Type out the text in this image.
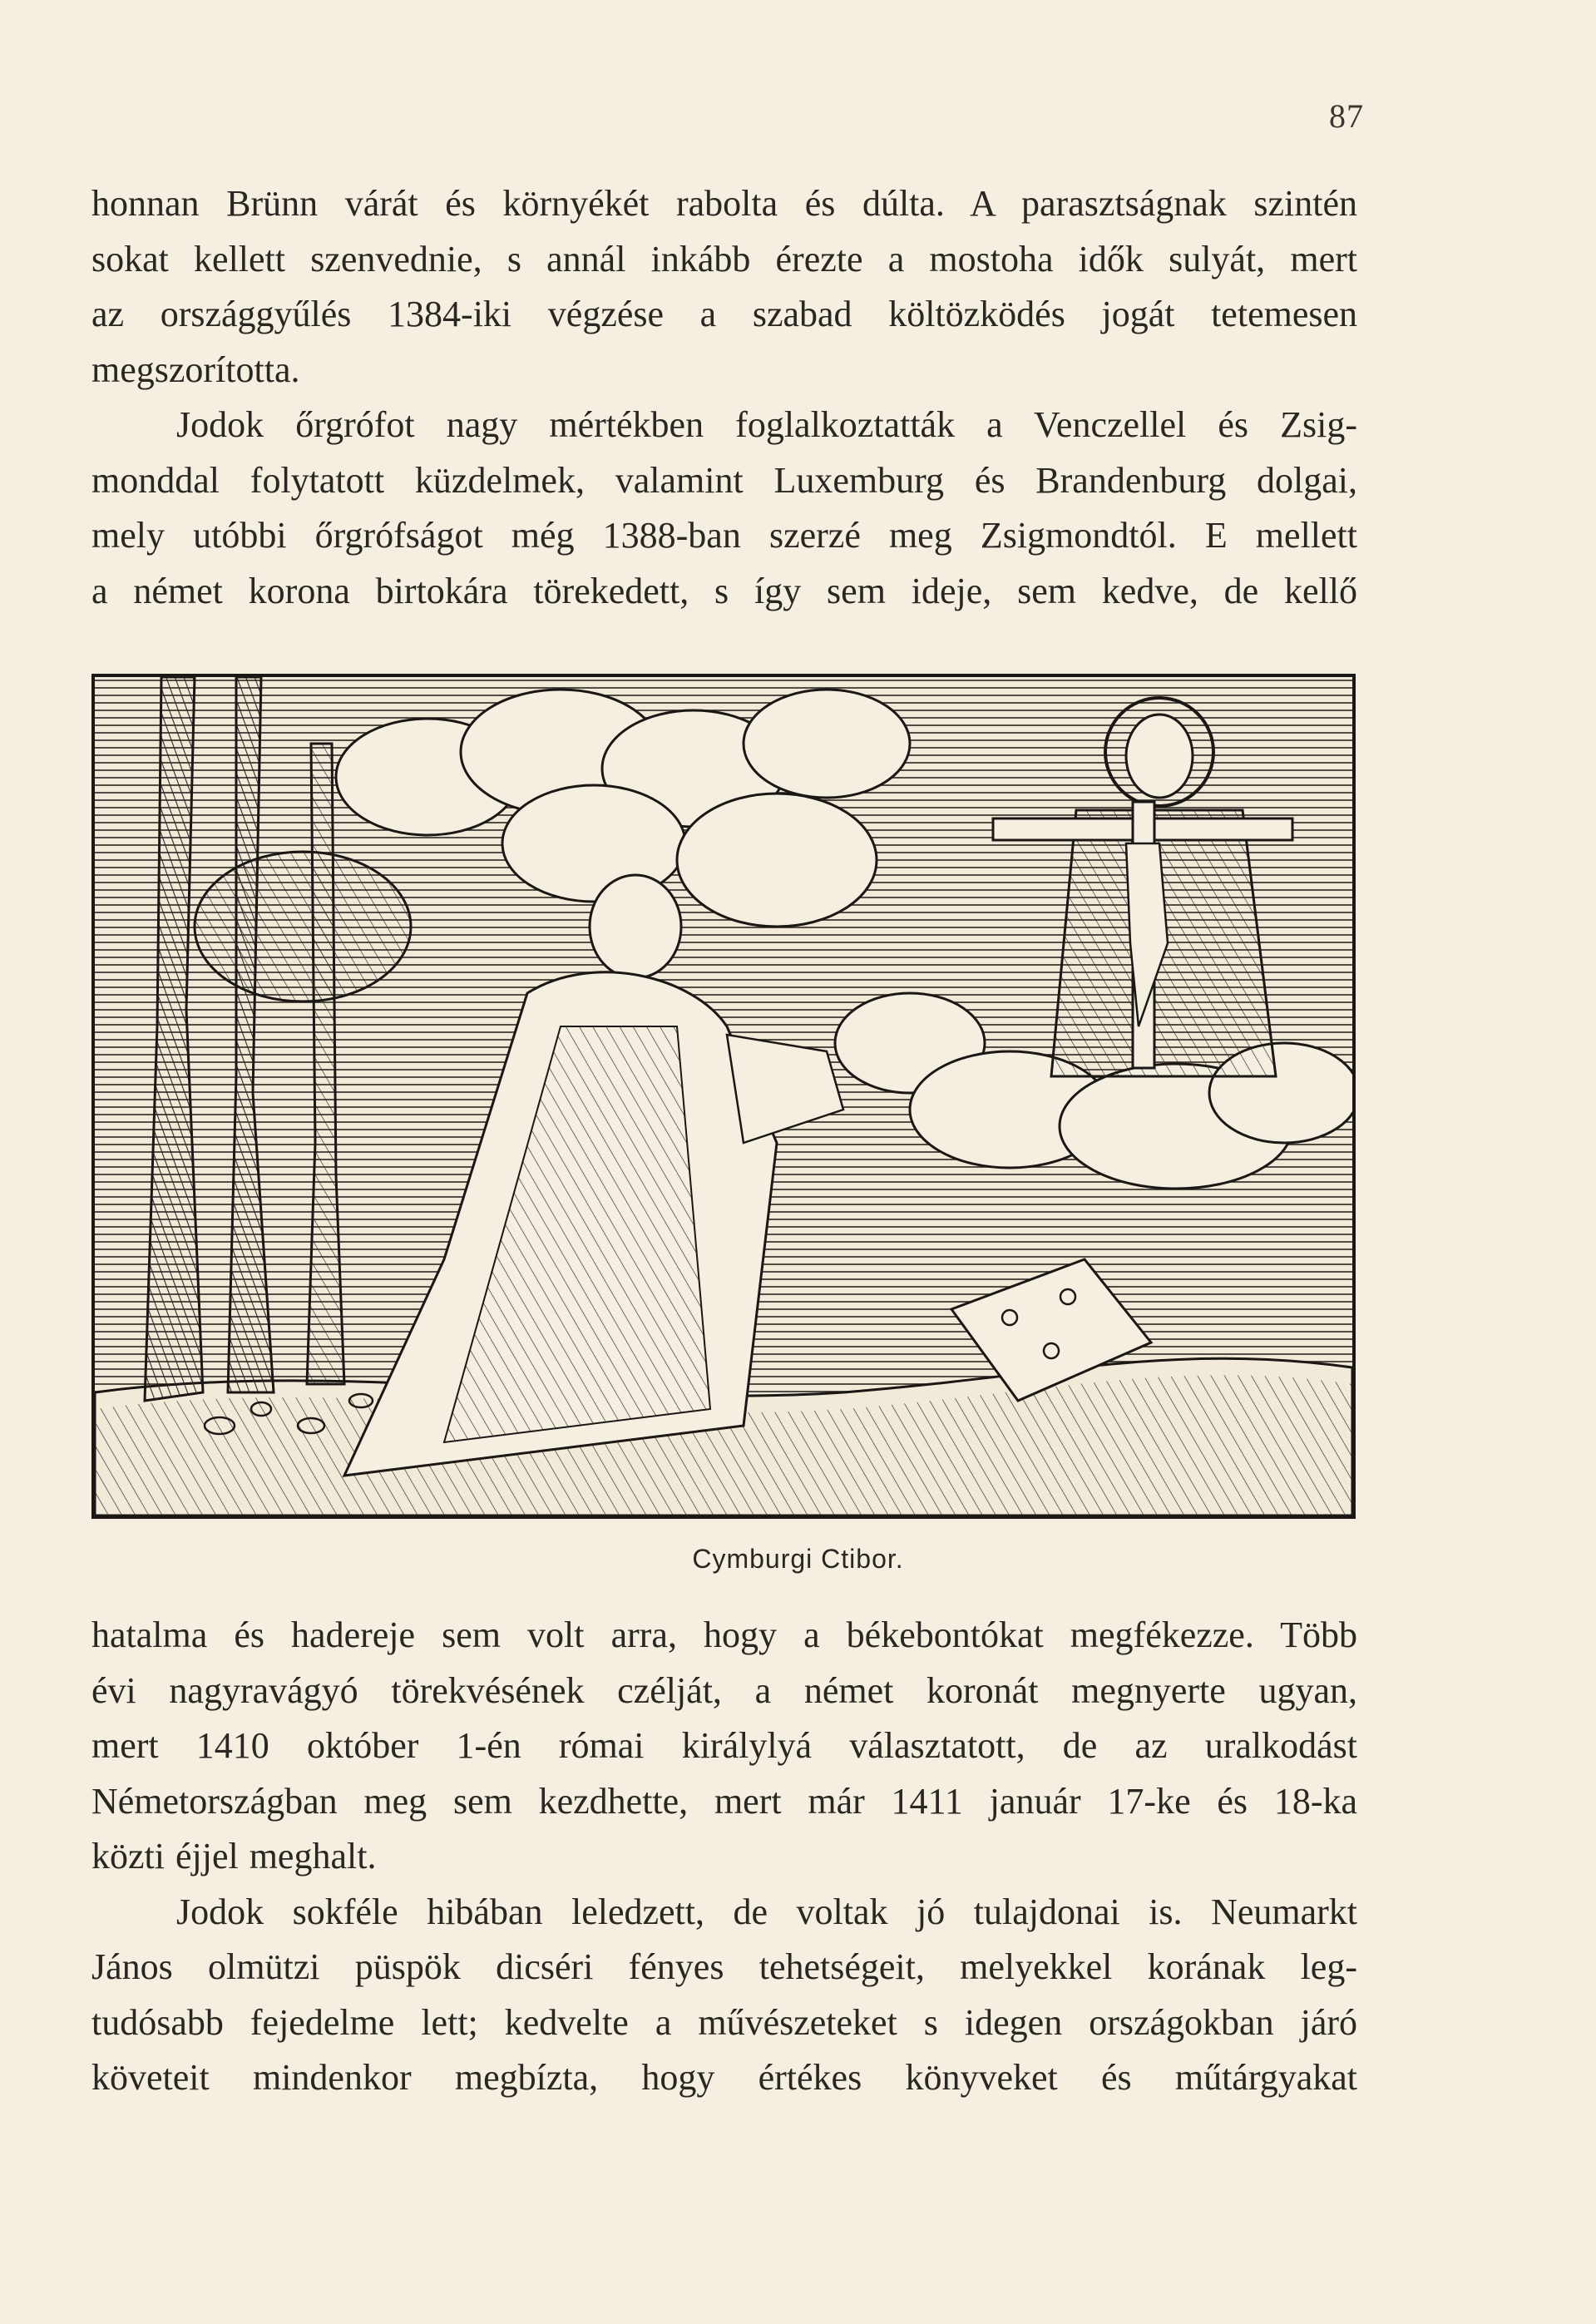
87
honnan Brünn várát és környékét rabolta és dúlta. A parasztságnak szintén
sokat kellett szenvednie, s annál inkább érezte a mostoha idők sulyát, mert
az országgyűlés 1384-iki végzése a szabad költözködés jogát tetemesen
megszorította.
Jodok őrgrófot nagy mértékben foglalkoztatták a Venczellel és Zsig-
monddal folytatott küzdelmek, valamint Luxemburg és Brandenburg dolgai,
mely utóbbi őrgrófságot még 1388-ban szerzé meg Zsigmondtól. E mellett
a német korona birtokára törekedett, s így sem ideje, sem kedve, de kellő
Cymburgi Ctibor.
hatalma és hadereje sem volt arra, hogy a békebontókat megfékezze. Több
évi nagyravágyó törekvésének czélját, a német koronát megnyerte ugyan,
mert 1410 október 1-én római királylyá választatott, de az uralkodást
Németországban meg sem kezdhette, mert már 1411 január 17-ke és 18-ka
közti éjjel meghalt.
Jodok sokféle hibában leledzett, de voltak jó tulajdonai is. Neumarkt
János olmützi püspök dicséri fényes tehetségeit, melyekkel korának leg-
tudósabb fejedelme lett; kedvelte a művészeteket s idegen országokban járó
követeit mindenkor megbízta, hogy értékes könyveket és műtárgyakat
